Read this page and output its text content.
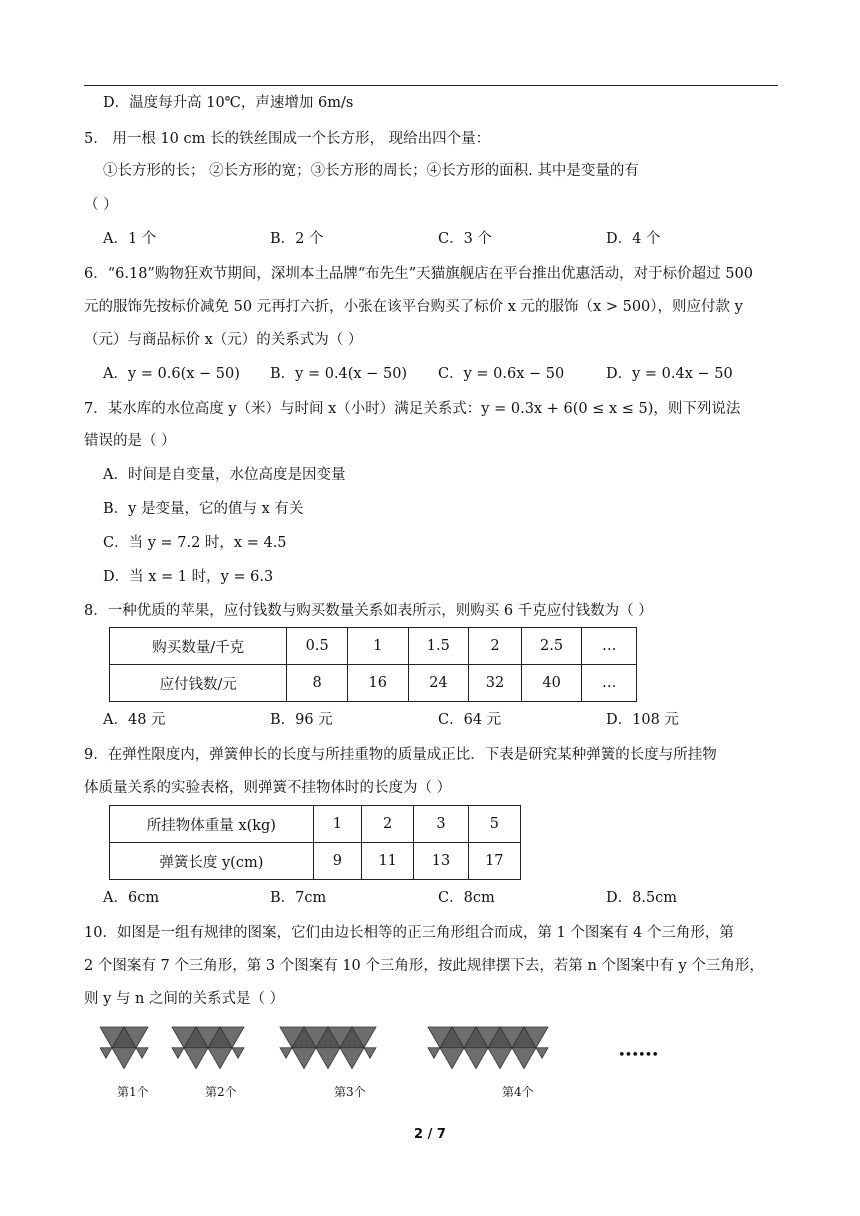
D．温度每升高 10℃，声速增加 6m/s
5． 用一根 10 cm 长的铁丝围成一个长方形， 现给出四个量：
①长方形的长； ②长方形的宽；③长方形的周长；④长方形的面积. 其中是变量的有
（ ）
A．1 个	B．2 个	C．3 个	D．4 个
6．“6.18”购物狂欢节期间，深圳本土品牌“布先生”天猫旗舰店在平台推出优惠活动，对于标价超过 500
元的服饰先按标价减免 50 元再打六折，小张在该平台购买了标价 x 元的服饰（x > 500），则应付款 y
（元）与商品标价 x（元）的关系式为（ ）
A．y = 0.6(x − 50) B．y = 0.4(x − 50) C．y = 0.6x − 50	D．y = 0.4x − 50
7．某水库的水位高度 y（米）与时间 x（小时）满足关系式：y = 0.3x + 6(0 ≤ x ≤ 5)，则下列说法
错误的是（ ）
A．时间是自变量，水位高度是因变量
B．y 是变量，它的值与 x 有关
C．当 y = 7.2 时，x = 4.5
D．当 x = 1 时，y = 6.3
8．一种优质的苹果，应付钱数与购买数量关系如表所示，则购买 6 千克应付钱数为（ ）
购买数量/千克	0.5	1	1.5	2	2.5	…
应付钱数/元	8	16	24	32	40	…
A．48 元	B．96 元	C．64 元	D．108 元
9．在弹性限度内，弹簧伸长的长度与所挂重物的质量成正比．下表是研究某种弹簧的长度与所挂物
体质量关系的实验表格，则弹簧不挂物体时的长度为（ ）
所挂物体重量 x(kg)	1	2	3	5
弹簧长度 y(cm)	9	11	13	17
A．6cm	B．7cm	C．8cm	D．8.5cm
10．如图是一组有规律的图案，它们由边长相等的正三角形组合而成，第 1 个图案有 4 个三角形，第
2 个图案有 7 个三角形，第 3 个图案有 10 个三角形，按此规律摆下去，若第 n 个图案中有 y 个三角形，
则 y 与 n 之间的关系式是（ ）
第1个	第2个	第3个	第4个
••••••
2 / 7
